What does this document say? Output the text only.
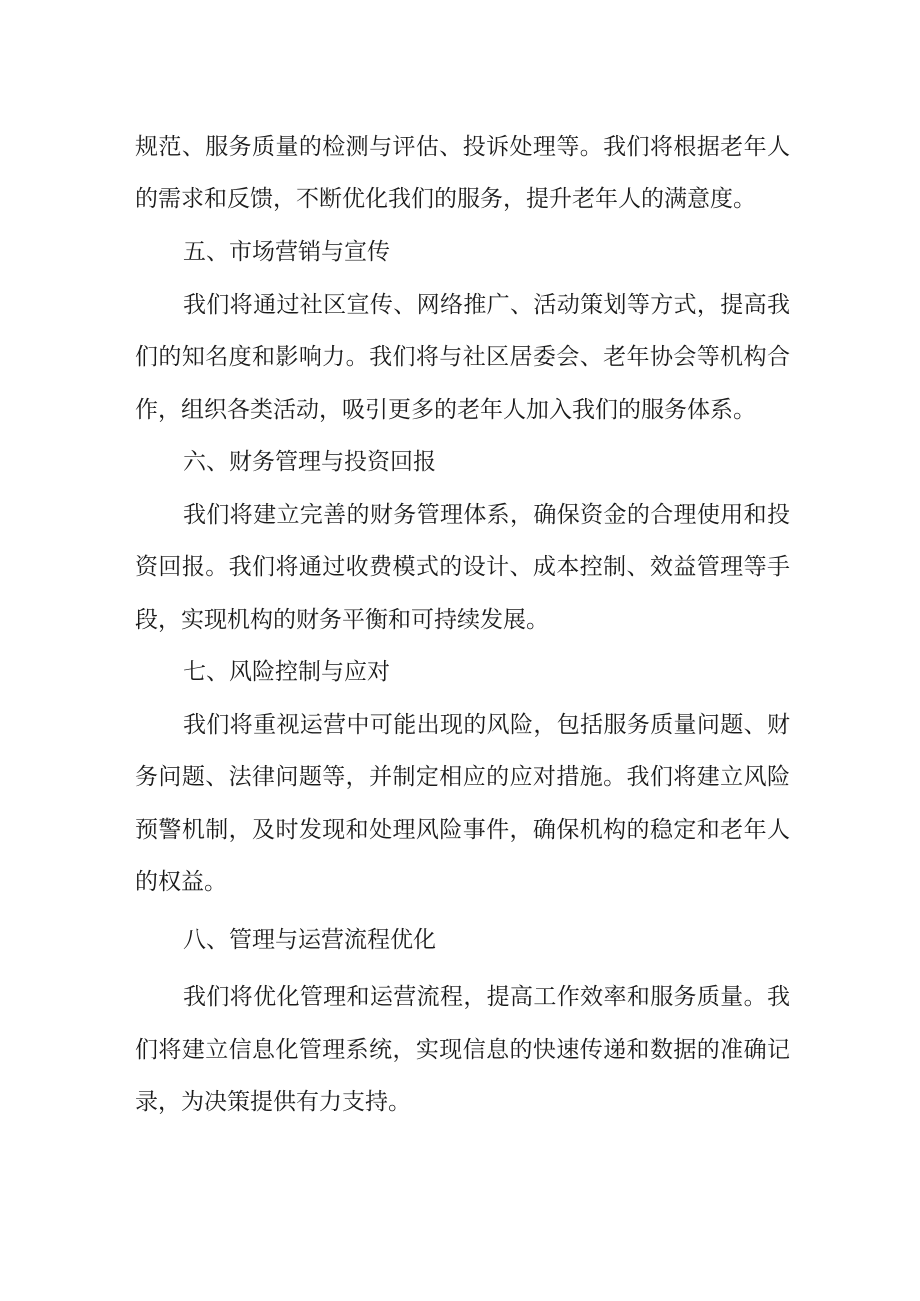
规范、服务质量的检测与评估、投诉处理等。我们将根据老年人
的需求和反馈，不断优化我们的服务，提升老年人的满意度。
五、市场营销与宣传
我们将通过社区宣传、网络推广、活动策划等方式，提高我
们的知名度和影响力。我们将与社区居委会、老年协会等机构合
作，组织各类活动，吸引更多的老年人加入我们的服务体系。
六、财务管理与投资回报
我们将建立完善的财务管理体系，确保资金的合理使用和投
资回报。我们将通过收费模式的设计、成本控制、效益管理等手
段，实现机构的财务平衡和可持续发展。
七、风险控制与应对
我们将重视运营中可能出现的风险，包括服务质量问题、财
务问题、法律问题等，并制定相应的应对措施。我们将建立风险
预警机制，及时发现和处理风险事件，确保机构的稳定和老年人
的权益。
八、管理与运营流程优化
我们将优化管理和运营流程，提高工作效率和服务质量。我
们将建立信息化管理系统，实现信息的快速传递和数据的准确记
录，为决策提供有力支持。
